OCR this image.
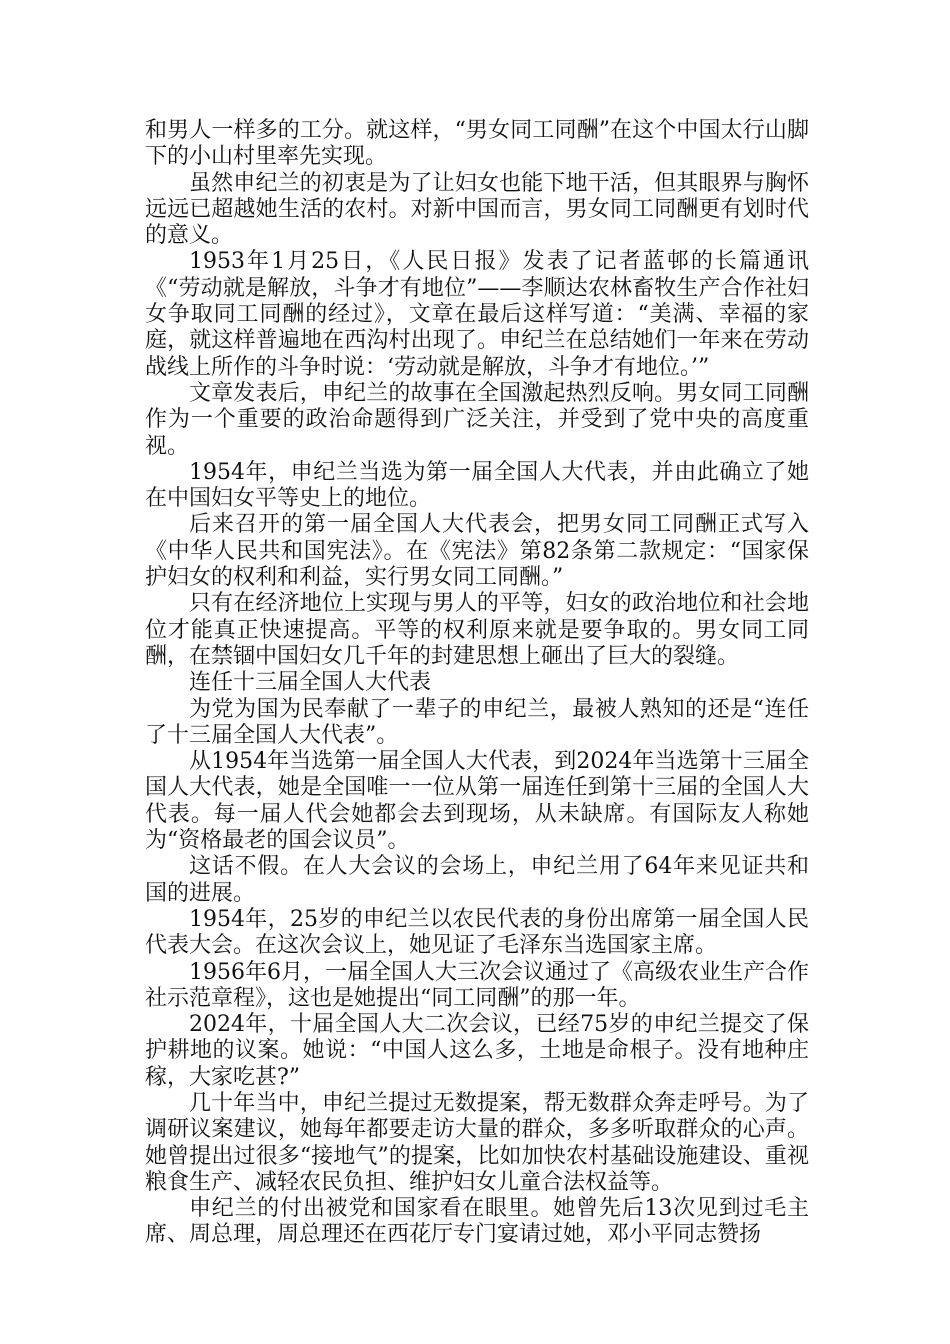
和男人一样多的工分。就这样，“男女同工同酬”在这个中国太行山脚下的小山村里率先实现。

虽然申纪兰的初衷是为了让妇女也能下地干活，但其眼界与胸怀远远已超越她生活的农村。对新中国而言，男女同工同酬更有划时代的意义。

1953年1月25日，《人民日报》发表了记者蓝邨的长篇通讯《“劳动就是解放，斗争才有地位”——李顺达农林畜牧生产合作社妇女争取同工同酬的经过》，文章在最后这样写道：“美满、幸福的家庭，就这样普遍地在西沟村出现了。申纪兰在总结她们一年来在劳动战线上所作的斗争时说：‘劳动就是解放，斗争才有地位。’”

文章发表后，申纪兰的故事在全国激起热烈反响。男女同工同酬作为一个重要的政治命题得到广泛关注，并受到了党中央的高度重视。

1954年，申纪兰当选为第一届全国人大代表，并由此确立了她在中国妇女平等史上的地位。

后来召开的第一届全国人大代表会，把男女同工同酬正式写入《中华人民共和国宪法》。在《宪法》第82条第二款规定：“国家保护妇女的权利和利益，实行男女同工同酬。”

只有在经济地位上实现与男人的平等，妇女的政治地位和社会地位才能真正快速提高。平等的权利原来就是要争取的。男女同工同酬，在禁锢中国妇女几千年的封建思想上砸出了巨大的裂缝。

连任十三届全国人大代表

为党为国为民奉献了一辈子的申纪兰，最被人熟知的还是“连任了十三届全国人大代表”。

从1954年当选第一届全国人大代表，到2024年当选第十三届全国人大代表，她是全国唯一一位从第一届连任到第十三届的全国人大代表。每一届人代会她都会去到现场，从未缺席。有国际友人称她为“资格最老的国会议员”。

这话不假。在人大会议的会场上，申纪兰用了64年来见证共和国的进展。

1954年，25岁的申纪兰以农民代表的身份出席第一届全国人民代表大会。在这次会议上，她见证了毛泽东当选国家主席。

1956年6月，一届全国人大三次会议通过了《高级农业生产合作社示范章程》，这也是她提出“同工同酬”的那一年。

2024年，十届全国人大二次会议，已经75岁的申纪兰提交了保护耕地的议案。她说：“中国人这么多，土地是命根子。没有地种庄稼，大家吃甚?”

几十年当中，申纪兰提过无数提案，帮无数群众奔走呼号。为了调研议案建议，她每年都要走访大量的群众，多多听取群众的心声。她曾提出过很多“接地气”的提案，比如加快农村基础设施建设、重视粮食生产、减轻农民负担、维护妇女儿童合法权益等。

申纪兰的付出被党和国家看在眼里。她曾先后13次见到过毛主席、周总理，周总理还在西花厅专门宴请过她，邓小平同志赞扬
